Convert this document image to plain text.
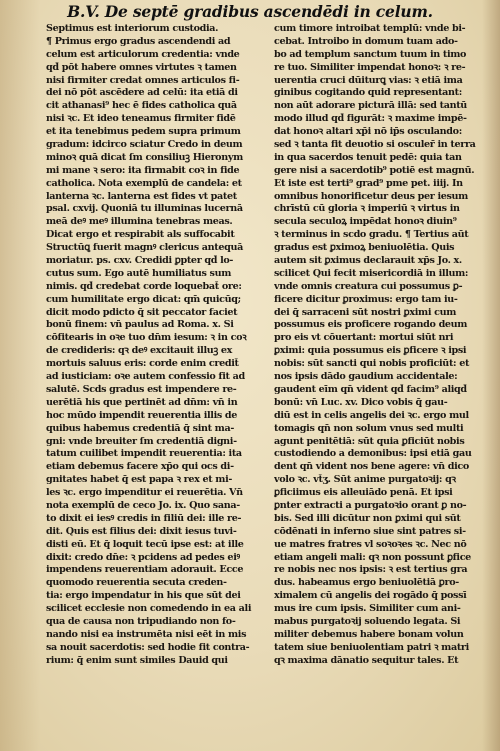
B.V. De septē gradibus ascendēdi in celum.
Septimus est interiorum custodia.
¶ Primus ergo gradus ascendendi ad
celum est articulorum credentia: vnde
qd̄ pōt habere omnes virtutes ꝛ tamen
nisi firmiter credat omnes articulos fi-
dei nō pōt ascēdere ad celū: ita etiā di
cit athanasi⁹ hec ē fides catholica quā
nisi ꝛc. Et ideo teneamus firmiter fidē
et ita tenebimus pedem supra primum
gradum: idcirco sciatur Credo in deum
minoꝛ quā dicat ſm consiliuꝫ Hieronym
mi mane ꝛ sero: ita firmabit coꝛ in fide
catholica. Nota exemplū de candela: et
lanterna ꝛc. lanterna est fides vt patet
psal. cxvij. Quoniā tu illuminas lucernā
meā deꝰ meꝰ illumina tenebras meas.
Dicat ergo et respirabit als suffocabit
Structūꝗ fuerit magnꝰ clericus antequā
moriatur. ps. cxv. Credidi ꝑpter qd̄ lo-
cutus sum. Ego autē humiliatus sum
nimis. qd̄ credebat corde loquebat̄ ore:
cum humilitate ergo dicat: qm̄ quicūq;
dicit modo pdicto q̄ sit peccator faciet
bonū finem: vn̄ paulus ad Roma. x. Si
cōfitearis in oꝛe tuo dn̄m iesum: ꝛ in coꝛ
de credideris: qꝛ deꝰ excitauit illuꝫ ex
mortuis saluus eris: corde enim credit̄
ad iusticiam: oꝛe autem confessio fit ad
salutē. Scḋs gradus est impendere re-
uerētiā his que pertinēt ad dn̄m: vn̄ in
hoc mūdo impendit reuerentia illis de
quibus habemus credentiā q̄ sint ma-
gni: vnde breuiter ſm credentiā digni-
tatum cuilibet impendit reuerentia: ita
etiam debemus facere xp̄o qui ocs di-
gnitates habet q̄ est papa ꝛ rex et mi-
les ꝛc. ergo impenditur ei reuerētia. Vn̄
nota exemplū de ceco Jo. ix. Quo sana-
to dixit ei iesꝰ credis in filiū dei: ille re-
dit. Quis est filius dei: dixit iesus tuvi-
disti eū. Et q̄ loquit tecū ipse est: at ille
dixit: credo dn̄e: ꝛ pcidens ad pedes eiꝰ
impendens reuerentiam adorauit. Ecce
quomodo reuerentia secuta creden-
tia: ergo impendatur in his que sūt dei
scilicet ecclesie non comedendo in ea ali
qua de causa non tripudiando non fo-
nando nisi ea instrumēta nisi eēt in mis
sa nouit sacerdotis: sed hodie fit contra-
rium: q̄ enim sunt similes Dauid qui
cum timore introibat templū: vnde bi-
cebat. Introibo in domum tuam ado-
bo ad templum sanctum tuum in timo
re tuo. Similiter impendat honoꝛ: ꝛ re-
uerentia cruci dūiturꝗ vias: ꝛ etiā ima
ginibus cogitando quid representant:
non aūt adorare picturā illā: sed tantū
modo illud qd̄ figurāt: ꝛ maxime impē-
dat honoꝛ altari xp̄i nō ip̄s osculando:
sed ꝛ tanta fit deuotio si osculer̄ in terra
in qua sacerdos tenuit pedē: quia tan
gere nisi a sacerdotib⁹ potiē est magnū.
Et iste est terti⁹ grad⁹ pme pet. iiij. In
omnibus honorificetur deus per iesum
chrīstū cū gloria ꝛ imperiū ꝛ virtus in
secula seculoꝝ impēdat honoꝛ diuin⁹
ꝛ terminus in scḋo gradu. ¶ Tertius aūt
gradus est ꝑximoꝝ beniuolētia. Quis
autem sit ꝑximus declarauit xp̄s Jo. x.
scilicet Qui fecit misericordiā in illum:
vnde omnis creatura cui possumus ꝑ-
ficere dicitur ꝑroximus: ergo tam iu-
dei q̄ sarraceni sūt nostri ꝑximi cum
possumus eis proficere rogando deum
pro eis vt cōuertant: mortui siūt nri
ꝑximi: quia possumus eis ꝑficere ꝛ ipsi
nobis: sūt sancti qui nobis proficiūt: et
nos ipsis dādo gaudium accidentale:
gaudent eīm qn̄ vident qd̄ facim⁹ aliqd̄
bonū: vn̄ Luc. xv. Dico vobis q̄ gau-
diū est in celis angelis dei ꝛc. ergo mul
tomagis qn̄ non solum vnus sed multi
agunt penitētiā: sūt quia ꝑficiūt nobis
custodiendo a demonibus: ipsi etiā gau
dent qn̄ vident nos bene agere: vn̄ dico
volo ꝛc. vt̄ʒ. Sūt anime purgatoꝛij: qꝛ
ꝑficiimus eis alleuiādo penā. Et ipsi
ꝑnter extracti a purgatoꝛio orant ꝑ no-
bis. Sed illi dicūtur non ꝑximi qui sūt
cōdēnati in inferno siue sint patres si-
ue matres fratres vl soꝛoꝛes ꝛc. Nec nō
etiam angeli mali: qꝛ non possunt ꝑfice
re nobis nec nos ipsis: ꝛ est tertius gra
dus. habeamus ergo beniuolētiā ꝑro-
ximalem cū angelis dei rogādo q̄ possī
mus ire cum ipsis. Similiter cum ani-
mabus purgatoꝛij soluendo legata. Si
militer debemus habere bonam volun
tatem siue beniuolentiam patri ꝛ matri
qꝛ maxima dānatio sequitur tales. Et
